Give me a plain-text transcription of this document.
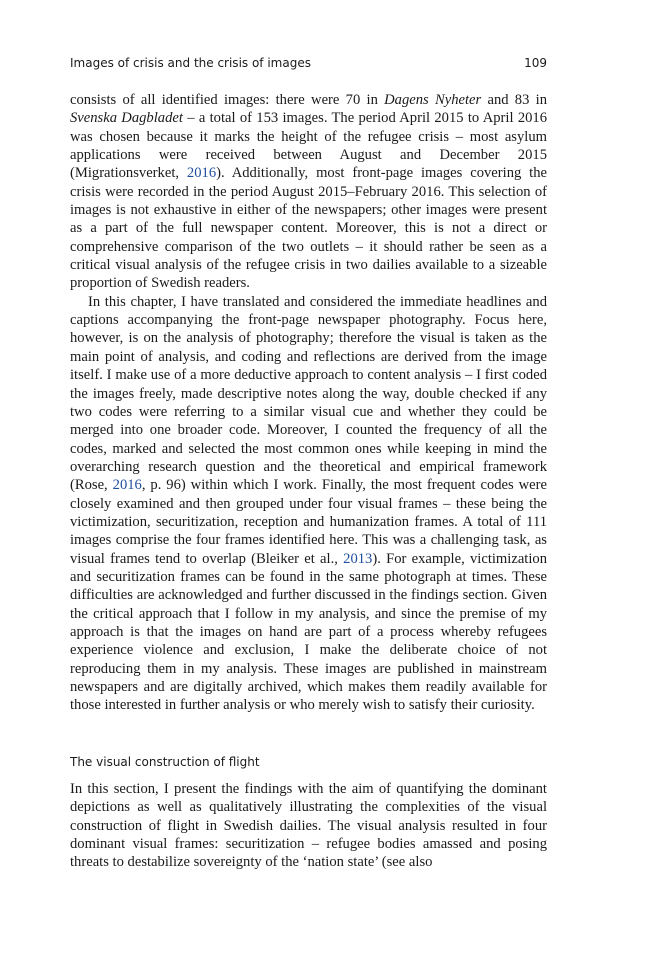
Images of crisis and the crisis of images	109

consists of all identified images: there were 70 in Dagens Nyheter and 83 in Svenska Dagbladet – a total of 153 images. The period April 2015 to April 2016 was chosen because it marks the height of the refugee crisis – most asylum applications were received between August and December 2015 (Migrationsverket, 2016). Additionally, most front-page images covering the crisis were recorded in the period August 2015–February 2016. This selection of images is not exhaustive in either of the newspapers; other images were present as a part of the full newspaper content. Moreover, this is not a direct or comprehensive comparison of the two outlets – it should rather be seen as a critical visual analysis of the refugee crisis in two dailies available to a sizeable proportion of Swedish readers.

In this chapter, I have translated and considered the immediate headlines and captions accompanying the front-page newspaper photography. Focus here, however, is on the analysis of photography; therefore the visual is taken as the main point of analysis, and coding and reflections are derived from the image itself. I make use of a more deductive approach to content analysis – I first coded the images freely, made descriptive notes along the way, double checked if any two codes were referring to a similar visual cue and whether they could be merged into one broader code. Moreover, I counted the frequency of all the codes, marked and selected the most common ones while keeping in mind the overarching research question and the theoretical and empirical framework (Rose, 2016, p. 96) within which I work. Finally, the most frequent codes were closely examined and then grouped under four visual frames – these being the victimization, securitization, reception and humanization frames. A total of 111 images comprise the four frames identified here. This was a challenging task, as visual frames tend to overlap (Bleiker et al., 2013). For example, victimization and securitization frames can be found in the same photograph at times. These difficulties are acknowledged and further discussed in the findings section. Given the critical approach that I follow in my analysis, and since the premise of my approach is that the images on hand are part of a process whereby refugees experience violence and exclusion, I make the deliberate choice of not reproducing them in my analysis. These images are published in mainstream newspapers and are digitally archived, which makes them readily available for those interested in further analysis or who merely wish to satisfy their curiosity.

The visual construction of flight

In this section, I present the findings with the aim of quantifying the dominant depictions as well as qualitatively illustrating the complexities of the visual construction of flight in Swedish dailies. The visual analysis resulted in four dominant visual frames: securitization – refugee bodies amassed and posing threats to destabilize sovereignty of the ‘nation state’ (see also
